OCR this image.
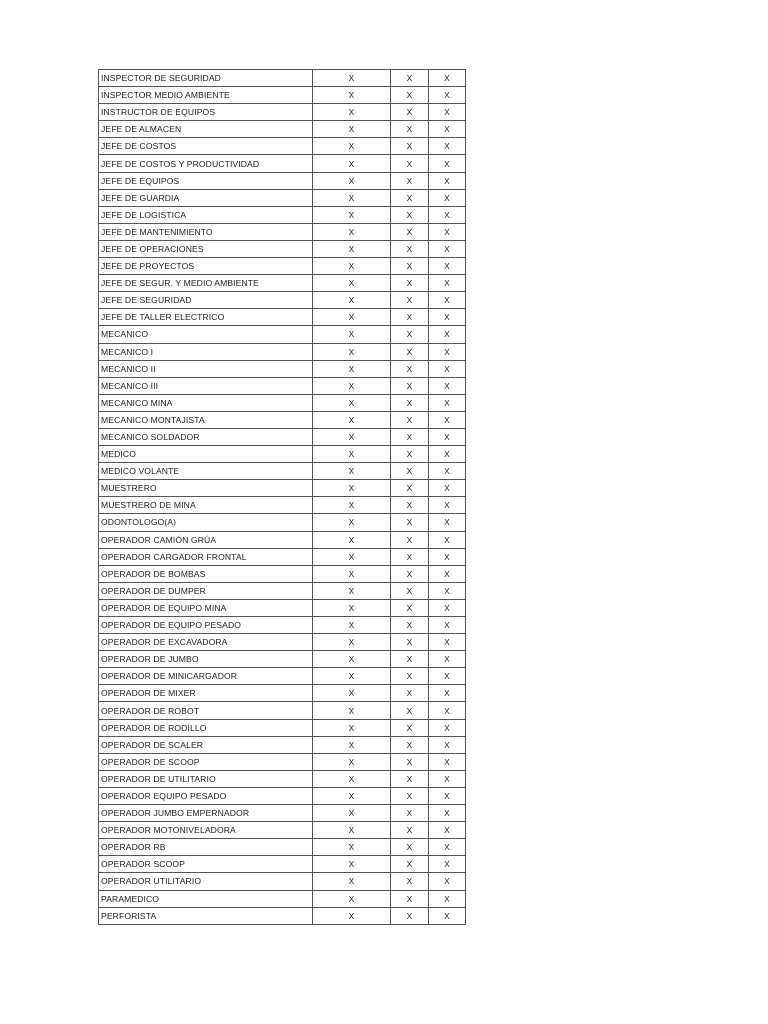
INSPECTOR DE SEGURIDAD	X	X	X
INSPECTOR MEDIO AMBIENTE	X	X	X
INSTRUCTOR DE EQUIPOS	X	X	X
JEFE DE ALMACEN	X	X	X
JEFE DE COSTOS	X	X	X
JEFE DE COSTOS Y PRODUCTIVIDAD	X	X	X
JEFE DE EQUIPOS	X	X	X
JEFE DE GUARDIA	X	X	X
JEFE DE LOGISTICA	X	X	X
JEFE DE MANTENIMIENTO	X	X	X
JEFE DE OPERACIONES	X	X	X
JEFE DE PROYECTOS	X	X	X
JEFE DE SEGUR. Y MEDIO AMBIENTE	X	X	X
JEFE DE SEGURIDAD	X	X	X
JEFE DE TALLER ELECTRICO	X	X	X
MECANICO	X	X	X
MECANICO I	X	X	X
MECANICO II	X	X	X
MECANICO III	X	X	X
MECANICO MINA	X	X	X
MECANICO MONTAJISTA	X	X	X
MECANICO SOLDADOR	X	X	X
MEDICO	X	X	X
MEDICO VOLANTE	X	X	X
MUESTRERO	X	X	X
MUESTRERO DE MINA	X	X	X
ODONTOLOGO(A)	X	X	X
OPERADOR CAMIÓN GRÚA	X	X	X
OPERADOR CARGADOR FRONTAL	X	X	X
OPERADOR DE BOMBAS	X	X	X
OPERADOR DE DUMPER	X	X	X
OPERADOR DE EQUIPO MINA	X	X	X
OPERADOR DE EQUIPO PESADO	X	X	X
OPERADOR DE EXCAVADORA	X	X	X
OPERADOR DE JUMBO	X	X	X
OPERADOR DE MINICARGADOR	X	X	X
OPERADOR DE MIXER	X	X	X
OPERADOR DE ROBOT	X	X	X
OPERADOR DE RODILLO	X	X	X
OPERADOR DE SCALER	X	X	X
OPERADOR DE SCOOP	X	X	X
OPERADOR DE UTILITARIO	X	X	X
OPERADOR EQUIPO PESADO	X	X	X
OPERADOR JUMBO EMPERNADOR	X	X	X
OPERADOR MOTONIVELADORA	X	X	X
OPERADOR RB	X	X	X
OPERADOR SCOOP	X	X	X
OPERADOR UTILITARIO	X	X	X
PARAMEDICO	X	X	X
PERFORISTA	X	X	X
